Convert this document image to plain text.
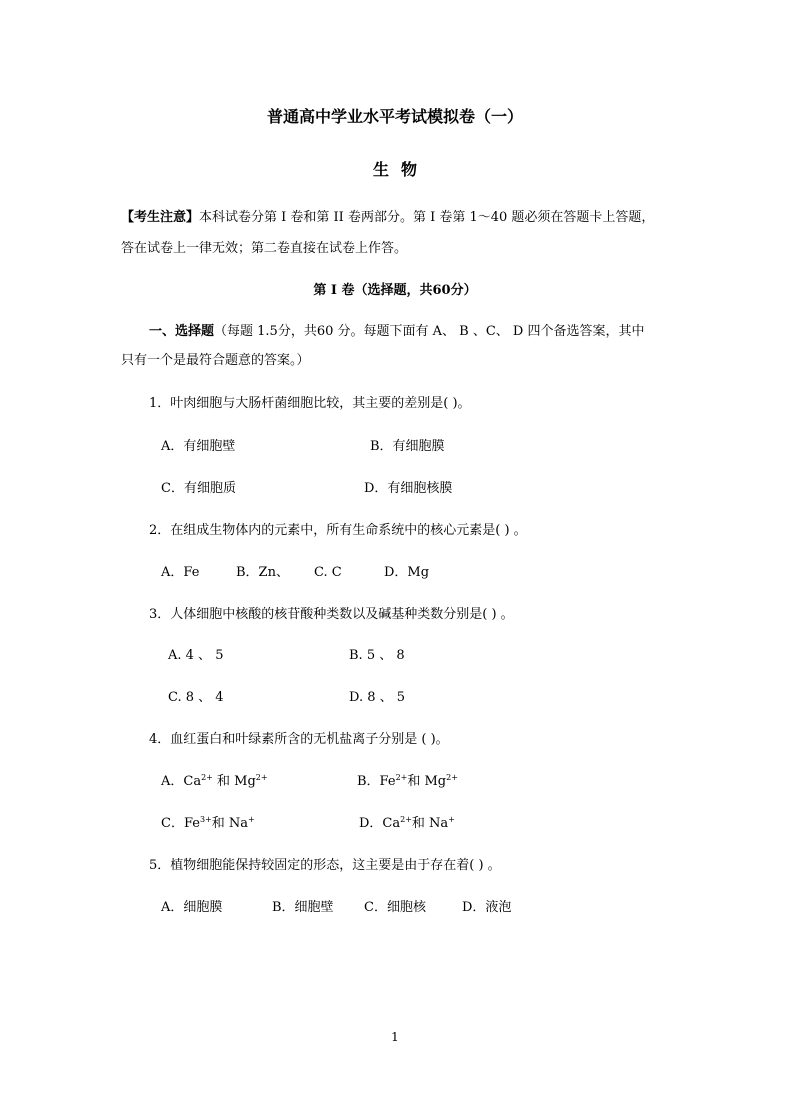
普通高中学业水平考试模拟卷（一）
生物
【考生注意】本科试卷分第 I 卷和第 II 卷两部分。第 I 卷第 1～40 题必须在答题卡上答题，
答在试卷上一律无效；第二卷直接在试卷上作答。
第 I 卷（选择题，共60分）
一、选择题（每题 1.5分，共60 分。每题下面有 A、 B 、C、 D 四个备选答案，其中
只有一个是最符合题意的答案。）
1．叶肉细胞与大肠杆菌细胞比较，其主要的差别是( )。
A．有细胞壁	B．有细胞膜
C．有细胞质	D．有细胞核膜
2．在组成生物体内的元素中，所有生命系统中的核心元素是( ) 。
A．Fe	B．Zn、 C. C	D．Mg
3．人体细胞中核酸的核苷酸种类数以及碱基种类数分别是( ) 。
A. 4 、 5	B. 5 、 8
C. 8 、 4	D. 8 、 5
4．血红蛋白和叶绿素所含的无机盐离子分别是 ( )。
A．$Ca^{2+}$ 和 $Mg^{2+}$	B．$Fe^{2+}$和 $Mg^{2+}$
C．$Fe^{3+}$和 Na+	D．$Ca^{2+}$和 Na+
5．植物细胞能保持较固定的形态，这主要是由于存在着( ) 。
A．细胞膜	B．细胞壁 C．细胞核	D．液泡
1
